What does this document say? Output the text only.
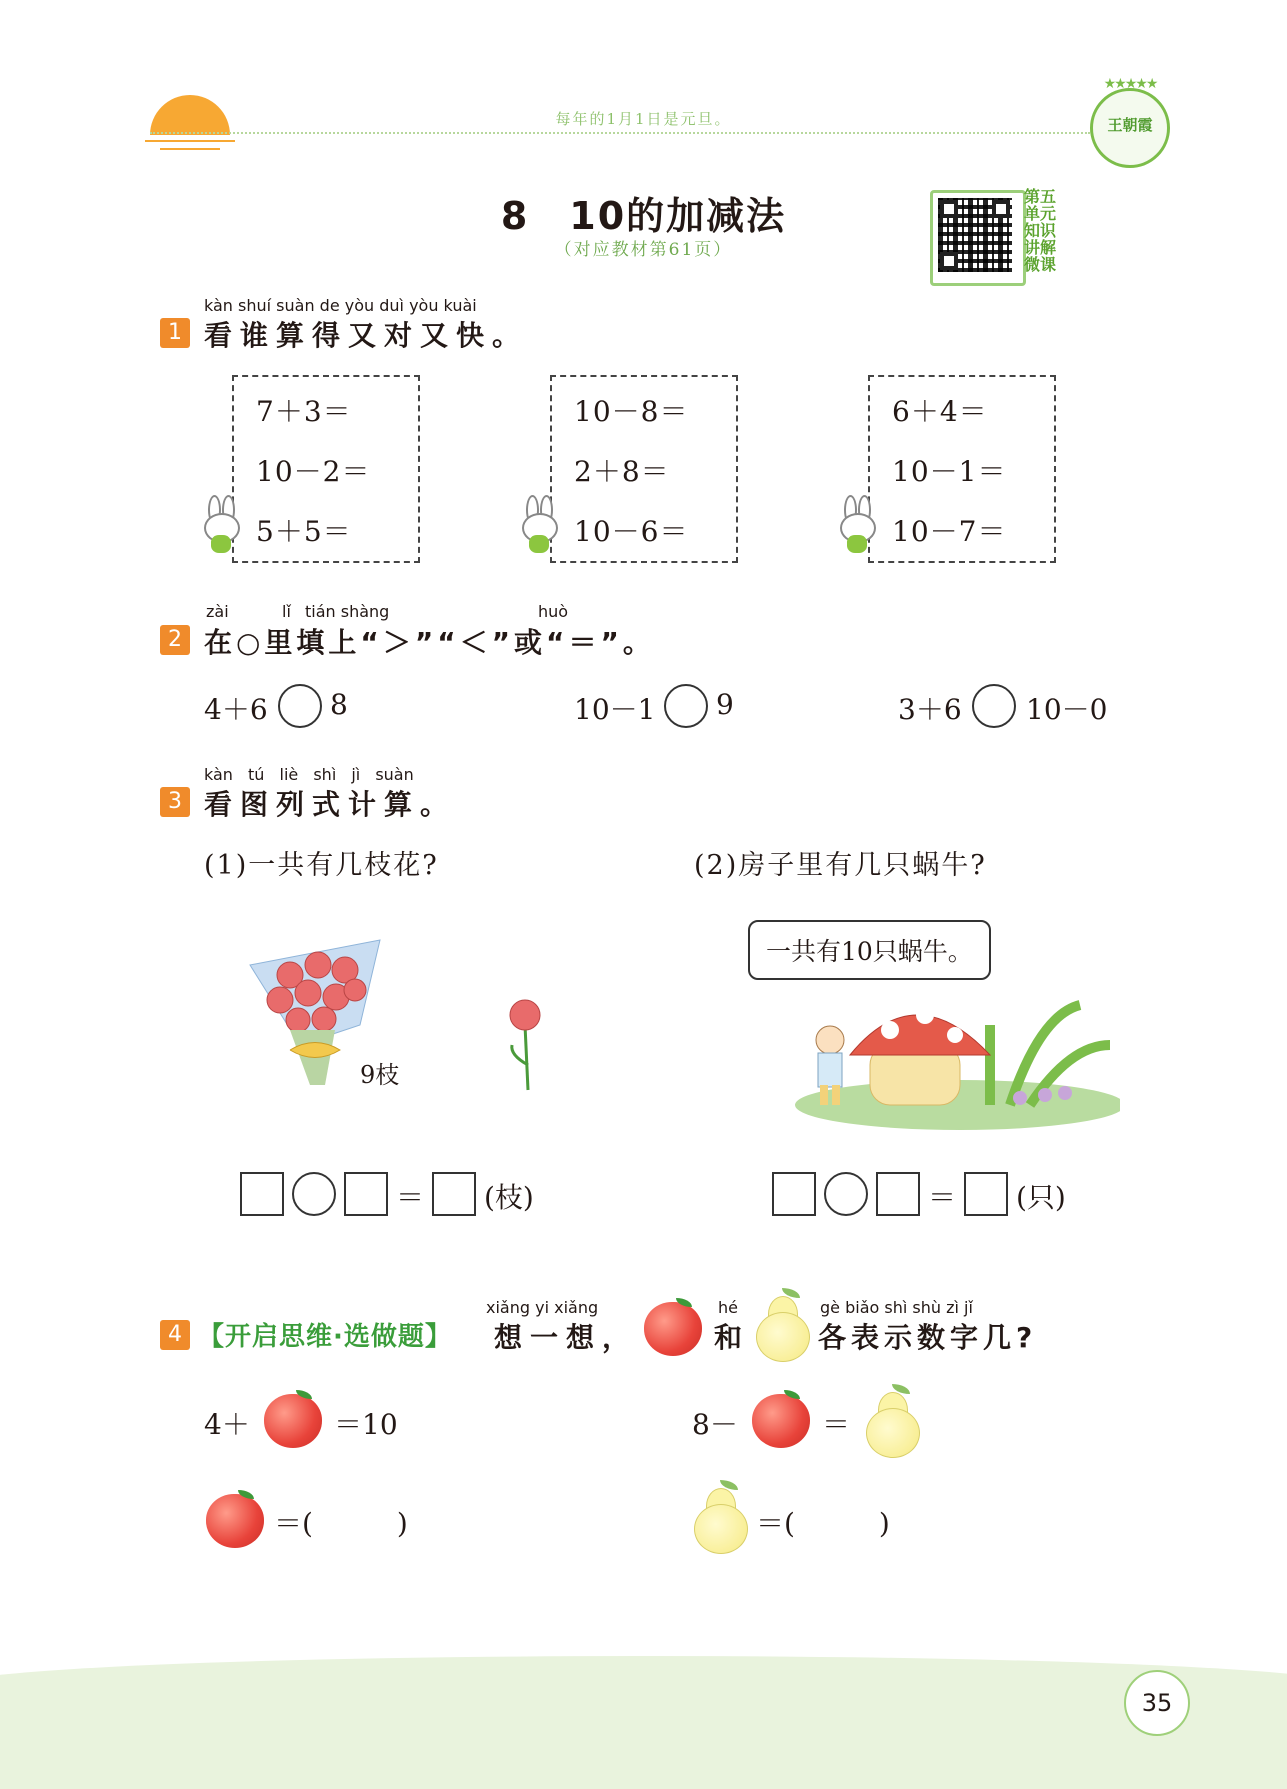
每年的1月1日是元旦。
★★★★★
王朝霞
8　10的加减法
（对应教材第61页）
第五单元知识讲解微课
kàn shuí suàn de yòu duì yòu kuài
1 看谁算得又对又快。
7＋3＝
10－2＝
5＋5＝
10－8＝
2＋8＝
10－6＝
6＋4＝
10－1＝
10－7＝
zài	lǐ tián shàng	huò
2 在○里填上“＞”“＜”或“＝”。
4＋6 8	10－1 9	3＋6 10－0
kàn tú liè shì jì suàn
3 看图列式计算。
(1)一共有几枝花?	(2)房子里有几只蜗牛?
9枝
＝ (枝)
一共有10只蜗牛。
＝ (只)
xiǎng yi xiǎng	hé	gè biǎo shì shù zì jǐ
4 【开启思维·选做题】 想一想，	和 各表示数字几?
4＋	＝10	8－	＝
＝(　　　)	＝(　　　)
35
